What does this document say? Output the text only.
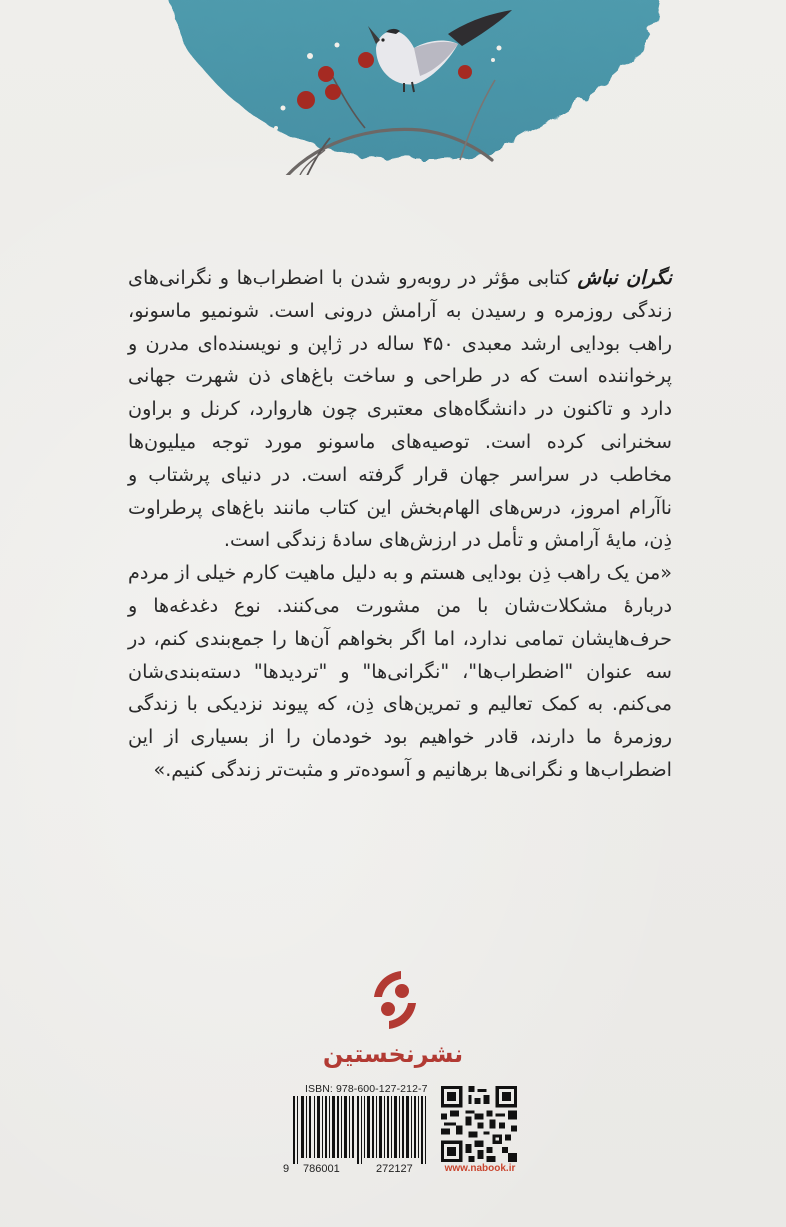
نگران نباش کتابی مؤثر در روبه‌رو شدن با اضطراب‌ها و نگرانی‌های زندگی روزمره و رسیدن به آرامش درونی است. شونمیو ماسونو، راهب بودایی ارشد معبدی ۴۵۰ ساله در ژاپن و نویسنده‌ای مدرن و پرخواننده است که در طراحی و ساخت باغ‌های ذن شهرت جهانی دارد و تاکنون در دانشگاه‌های معتبری چون هاروارد، کرنل و براون سخنرانی کرده است. توصیه‌های ماسونو مورد توجه میلیون‌ها مخاطب در سراسر جهان قرار گرفته است. در دنیای پرشتاب و ناآرام امروز، درس‌های الهام‌بخش این کتاب مانند باغ‌های پرطراوت ذِن، مایهٔ آرامش و تأمل در ارزش‌های سادهٔ زندگی است.

«من یک راهب ذِن بودایی هستم و به دلیل ماهیت کارم خیلی از مردم دربارهٔ مشکلات‌شان با من مشورت می‌کنند. نوع دغدغه‌ها و حرف‌هایشان تمامی ندارد، اما اگر بخواهم آن‌ها را جمع‌بندی کنم، در سه عنوان "اضطراب‌ها"، "نگرانی‌ها" و "تردیدها" دسته‌بندی‌شان می‌کنم. به کمک تعالیم و تمرین‌های ذِن، که پیوند نزدیکی با زندگی روزمرهٔ ما دارند، قادر خواهیم بود خودمان را از بسیاری از این اضطراب‌ها و نگرانی‌ها برهانیم و آسوده‌تر و مثبت‌تر زندگی کنیم.»

نشرنخستین
ISBN: 978-600-127-212-7
9 786001	272127	www.nabook.ir
